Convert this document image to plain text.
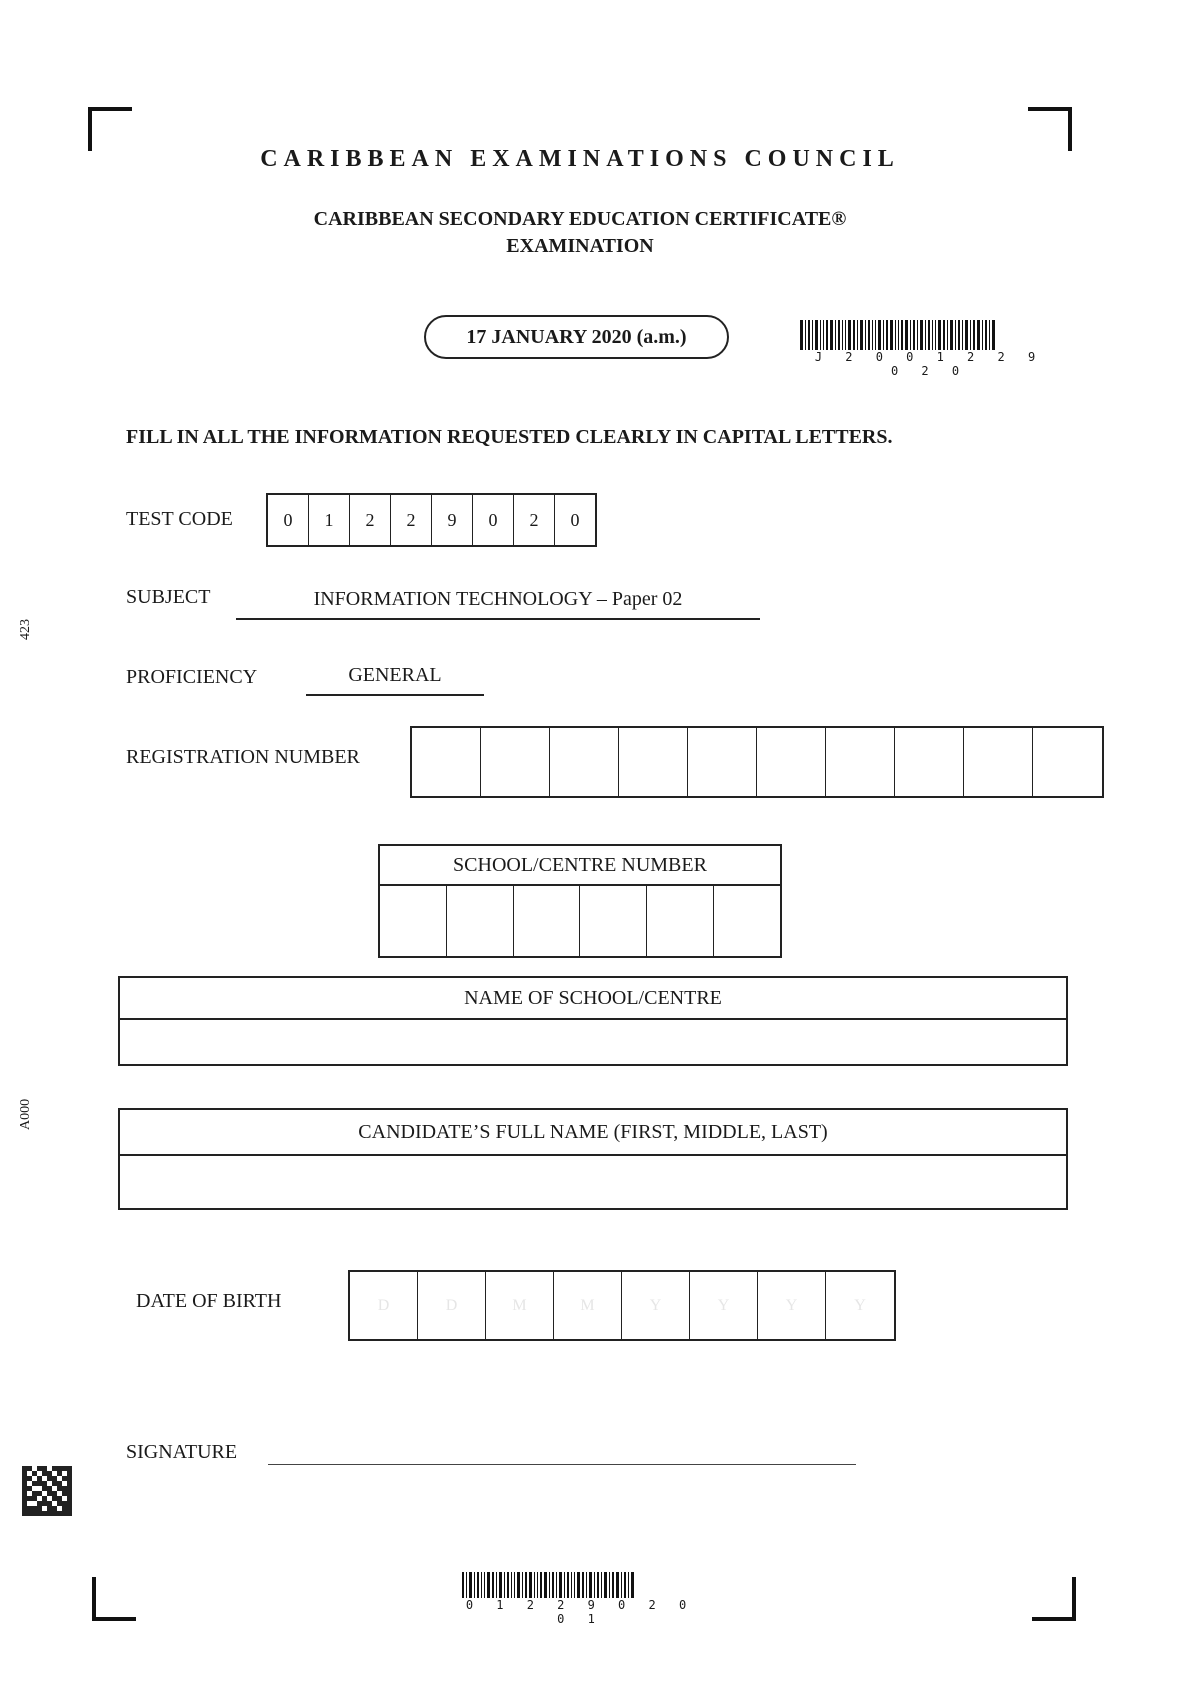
CARIBBEAN EXAMINATIONS COUNCIL
CARIBBEAN SECONDARY EDUCATION CERTIFICATE®
EXAMINATION
17 JANUARY 2020 (a.m.)
J 2 0 0 1 2 2 9 0 2 0
FILL IN ALL THE INFORMATION REQUESTED CLEARLY IN CAPITAL LETTERS.
TEST CODE	0	1	2	2	9	0	2	0
SUBJECT	INFORMATION TECHNOLOGY – Paper 02
PROFICIENCY	GENERAL
REGISTRATION NUMBER
SCHOOL/CENTRE NUMBER
NAME OF SCHOOL/CENTRE
CANDIDATE’S FULL NAME (FIRST, MIDDLE, LAST)
DATE OF BIRTH	D	D	M	M	Y	Y	Y	Y
SIGNATURE
423
A000
0 1 2 2 9 0 2 0 0 1
